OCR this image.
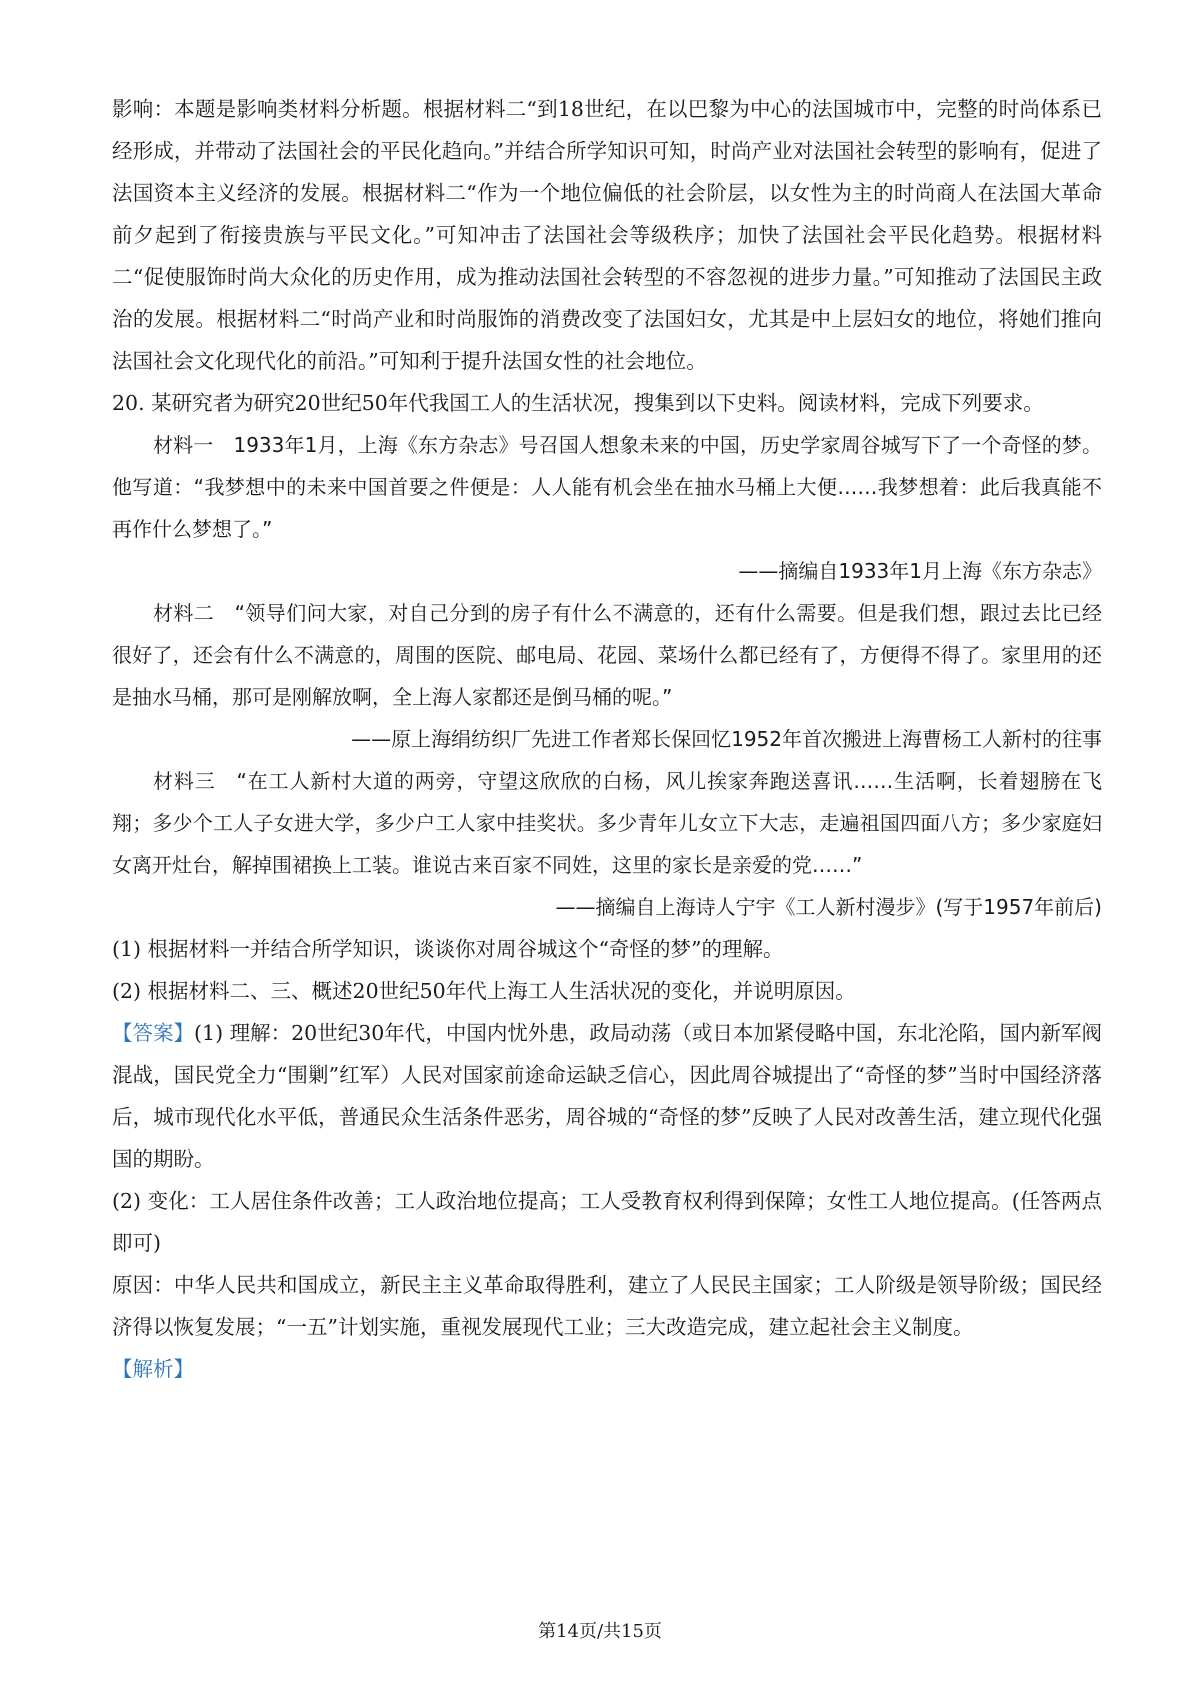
影响：本题是影响类材料分析题。根据材料二“到18世纪，在以巴黎为中心的法国城市中，完整的时尚体系已经形成，并带动了法国社会的平民化趋向。”并结合所学知识可知，时尚产业对法国社会转型的影响有，促进了法国资本主义经济的发展。根据材料二“作为一个地位偏低的社会阶层，以女性为主的时尚商人在法国大革命前夕起到了衔接贵族与平民文化。”可知冲击了法国社会等级秩序；加快了法国社会平民化趋势。根据材料二“促使服饰时尚大众化的历史作用，成为推动法国社会转型的不容忽视的进步力量。”可知推动了法国民主政治的发展。根据材料二“时尚产业和时尚服饰的消费改变了法国妇女，尤其是中上层妇女的地位，将她们推向法国社会文化现代化的前沿。”可知利于提升法国女性的社会地位。

20. 某研究者为研究20世纪50年代我国工人的生活状况，搜集到以下史料。阅读材料，完成下列要求。

材料一　1933年1月，上海《东方杂志》号召国人想象未来的中国，历史学家周谷城写下了一个奇怪的梦。他写道：“我梦想中的未来中国首要之件便是：人人能有机会坐在抽水马桶上大便……我梦想着：此后我真能不再作什么梦想了。”

——摘编自1933年1月上海《东方杂志》

材料二　“领导们问大家，对自己分到的房子有什么不满意的，还有什么需要。但是我们想，跟过去比已经很好了，还会有什么不满意的，周围的医院、邮电局、花园、菜场什么都已经有了，方便得不得了。家里用的还是抽水马桶，那可是刚解放啊，全上海人家都还是倒马桶的呢。”

——原上海绢纺织厂先进工作者郑长保回忆1952年首次搬进上海曹杨工人新村的往事

材料三　“在工人新村大道的两旁，守望这欣欣的白杨，风儿挨家奔跑送喜讯……生活啊，长着翅膀在飞翔；多少个工人子女进大学，多少户工人家中挂奖状。多少青年儿女立下大志，走遍祖国四面八方；多少家庭妇女离开灶台，解掉围裙换上工装。谁说古来百家不同姓，这里的家长是亲爱的党……”

——摘编自上海诗人宁宇《工人新村漫步》(写于1957年前后)

(1) 根据材料一并结合所学知识，谈谈你对周谷城这个“奇怪的梦”的理解。

(2) 根据材料二、三、概述20世纪50年代上海工人生活状况的变化，并说明原因。

【答案】(1) 理解：20世纪30年代，中国内忧外患，政局动荡（或日本加紧侵略中国，东北沦陷，国内新军阀混战，国民党全力“围剿”红军）人民对国家前途命运缺乏信心，因此周谷城提出了“奇怪的梦”当时中国经济落后，城市现代化水平低，普通民众生活条件恶劣，周谷城的“奇怪的梦”反映了人民对改善生活，建立现代化强国的期盼。

(2) 变化：工人居住条件改善；工人政治地位提高；工人受教育权利得到保障；女性工人地位提高。(任答两点即可)

原因：中华人民共和国成立，新民主主义革命取得胜利，建立了人民民主国家；工人阶级是领导阶级；国民经济得以恢复发展；“一五”计划实施，重视发展现代工业；三大改造完成，建立起社会主义制度。

【解析】

第14页/共15页
